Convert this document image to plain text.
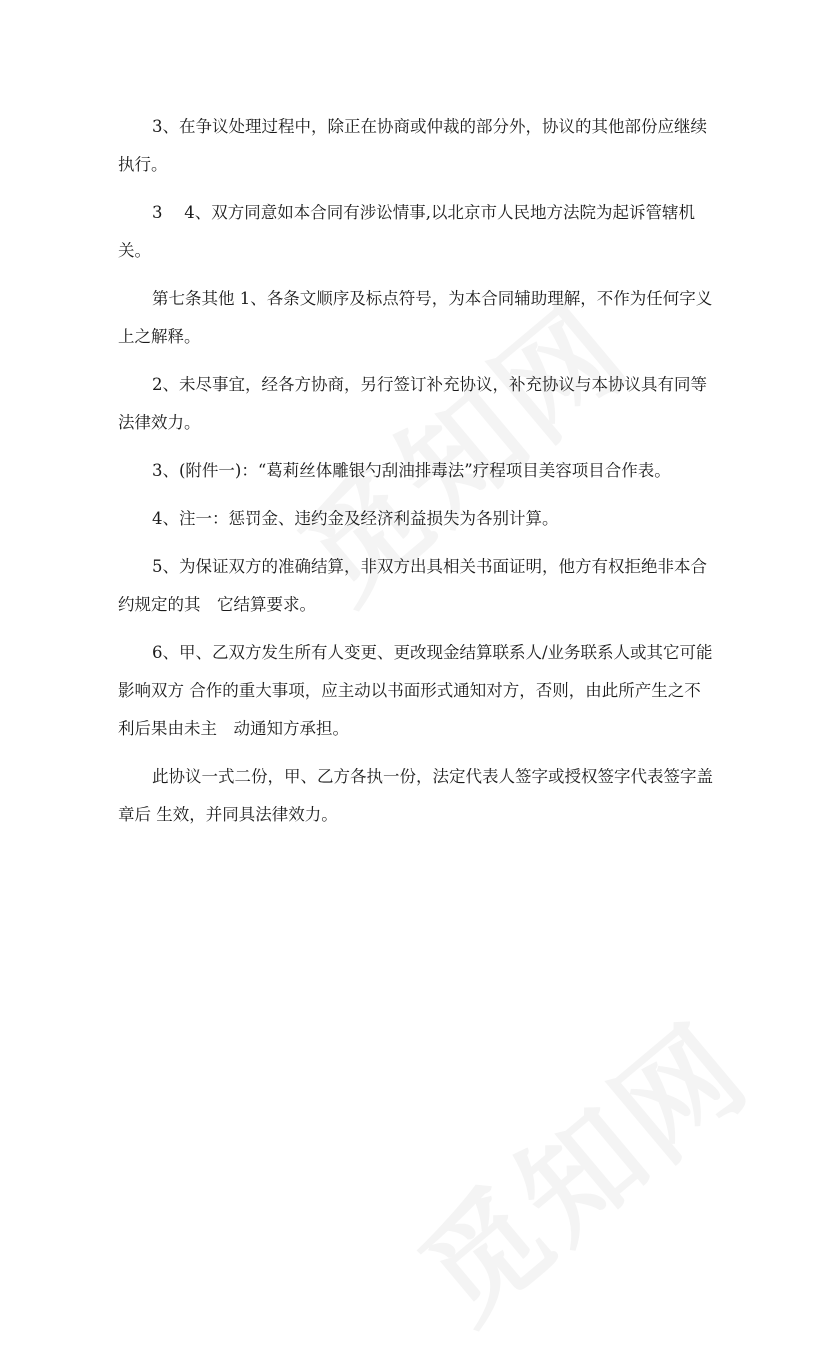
3、在争议处理过程中，除正在协商或仲裁的部分外，协议的其他部份应继续执行。

3　 4、双方同意如本合同有涉讼情事,以北京市人民地方法院为起诉管辖机关。

第七条其他 1、各条文顺序及标点符号，为本合同辅助理解，不作为任何字义上之解释。

2、未尽事宜，经各方协商，另行签订补充协议，补充协议与本协议具有同等法律效力。

3、(附件一)：“葛莉丝体雕银勺刮油排毒法”疗程项目美容项目合作表。

4、注一：惩罚金、违约金及经济利益损失为各别计算。

5、为保证双方的准确结算，非双方出具相关书面证明，他方有权拒绝非本合约规定的其　它结算要求。

6、甲、乙双方发生所有人变更、更改现金结算联系人/业务联系人或其它可能影响双方 合作的重大事项，应主动以书面形式通知对方，否则，由此所产生之不利后果由未主　动通知方承担。

此协议一式二份，甲、乙方各执一份，法定代表人签字或授权签字代表签字盖章后 生效，并同具法律效力。
